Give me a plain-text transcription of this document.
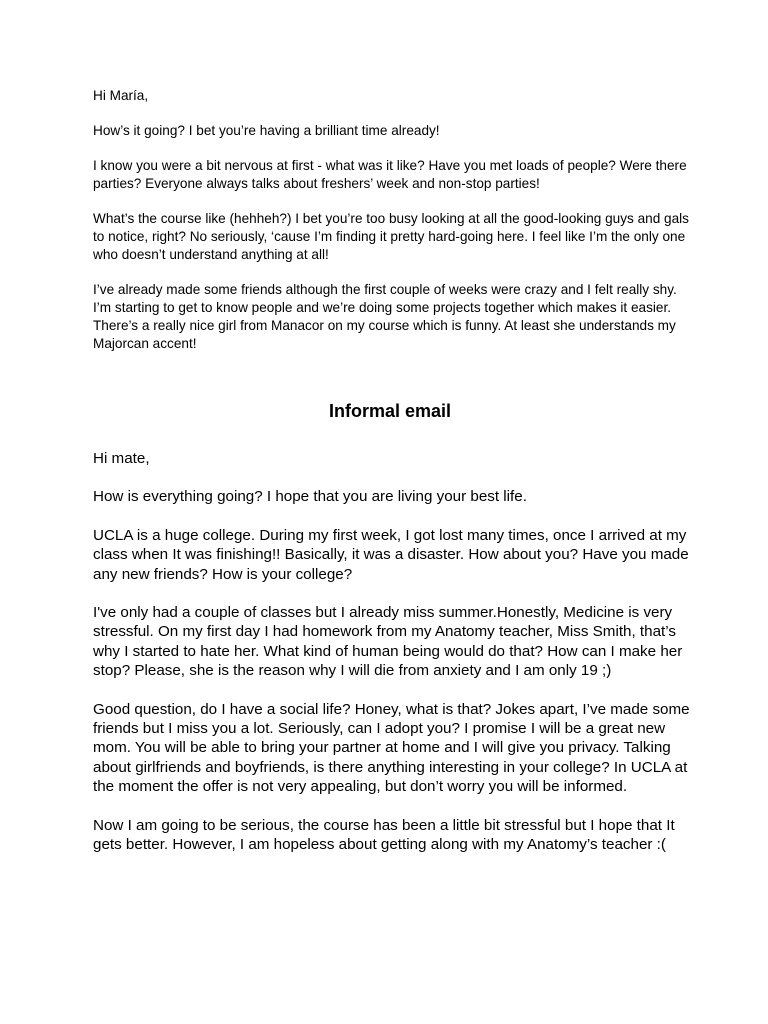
Hi María,

How’s it going? I bet you’re having a brilliant time already!

I know you were a bit nervous at first - what was it like? Have you met loads of people? Were there parties? Everyone always talks about freshers’ week and non-stop parties!

What’s the course like (hehheh?) I bet you’re too busy looking at all the good-looking guys and gals to notice, right? No seriously, ‘cause I’m finding it pretty hard-going here. I feel like I’m the only one who doesn’t understand anything at all!

I’ve already made some friends although the first couple of weeks were crazy and I felt really shy. I’m starting to get to know people and we’re doing some projects together which makes it easier. There’s a really nice girl from Manacor on my course which is funny. At least she understands my Majorcan accent!

Informal email

Hi mate,

How is everything going? I hope that you are living your best life.

UCLA is a huge college. During my first week, I got lost many times, once I arrived at my class when It was finishing!! Basically, it was a disaster. How about you? Have you made any new friends? How is your college?

I've only had a couple of classes but I already miss summer.Honestly, Medicine is very stressful. On my first day I had homework from my Anatomy teacher, Miss Smith, that’s why I started to hate her. What kind of human being would do that? How can I make her stop? Please, she is the reason why I will die from anxiety and I am only 19 ;)

Good question, do I have a social life? Honey, what is that? Jokes apart, I’ve made some friends but I miss you a lot. Seriously, can I adopt you? I promise I will be a great new mom. You will be able to bring your partner at home and I will give you privacy. Talking about girlfriends and boyfriends, is there anything interesting in your college? In UCLA at the moment the offer is not very appealing, but don’t worry you will be informed.

Now I am going to be serious, the course has been a little bit stressful but I hope that It gets better. However, I am hopeless about getting along with my Anatomy’s teacher :(
